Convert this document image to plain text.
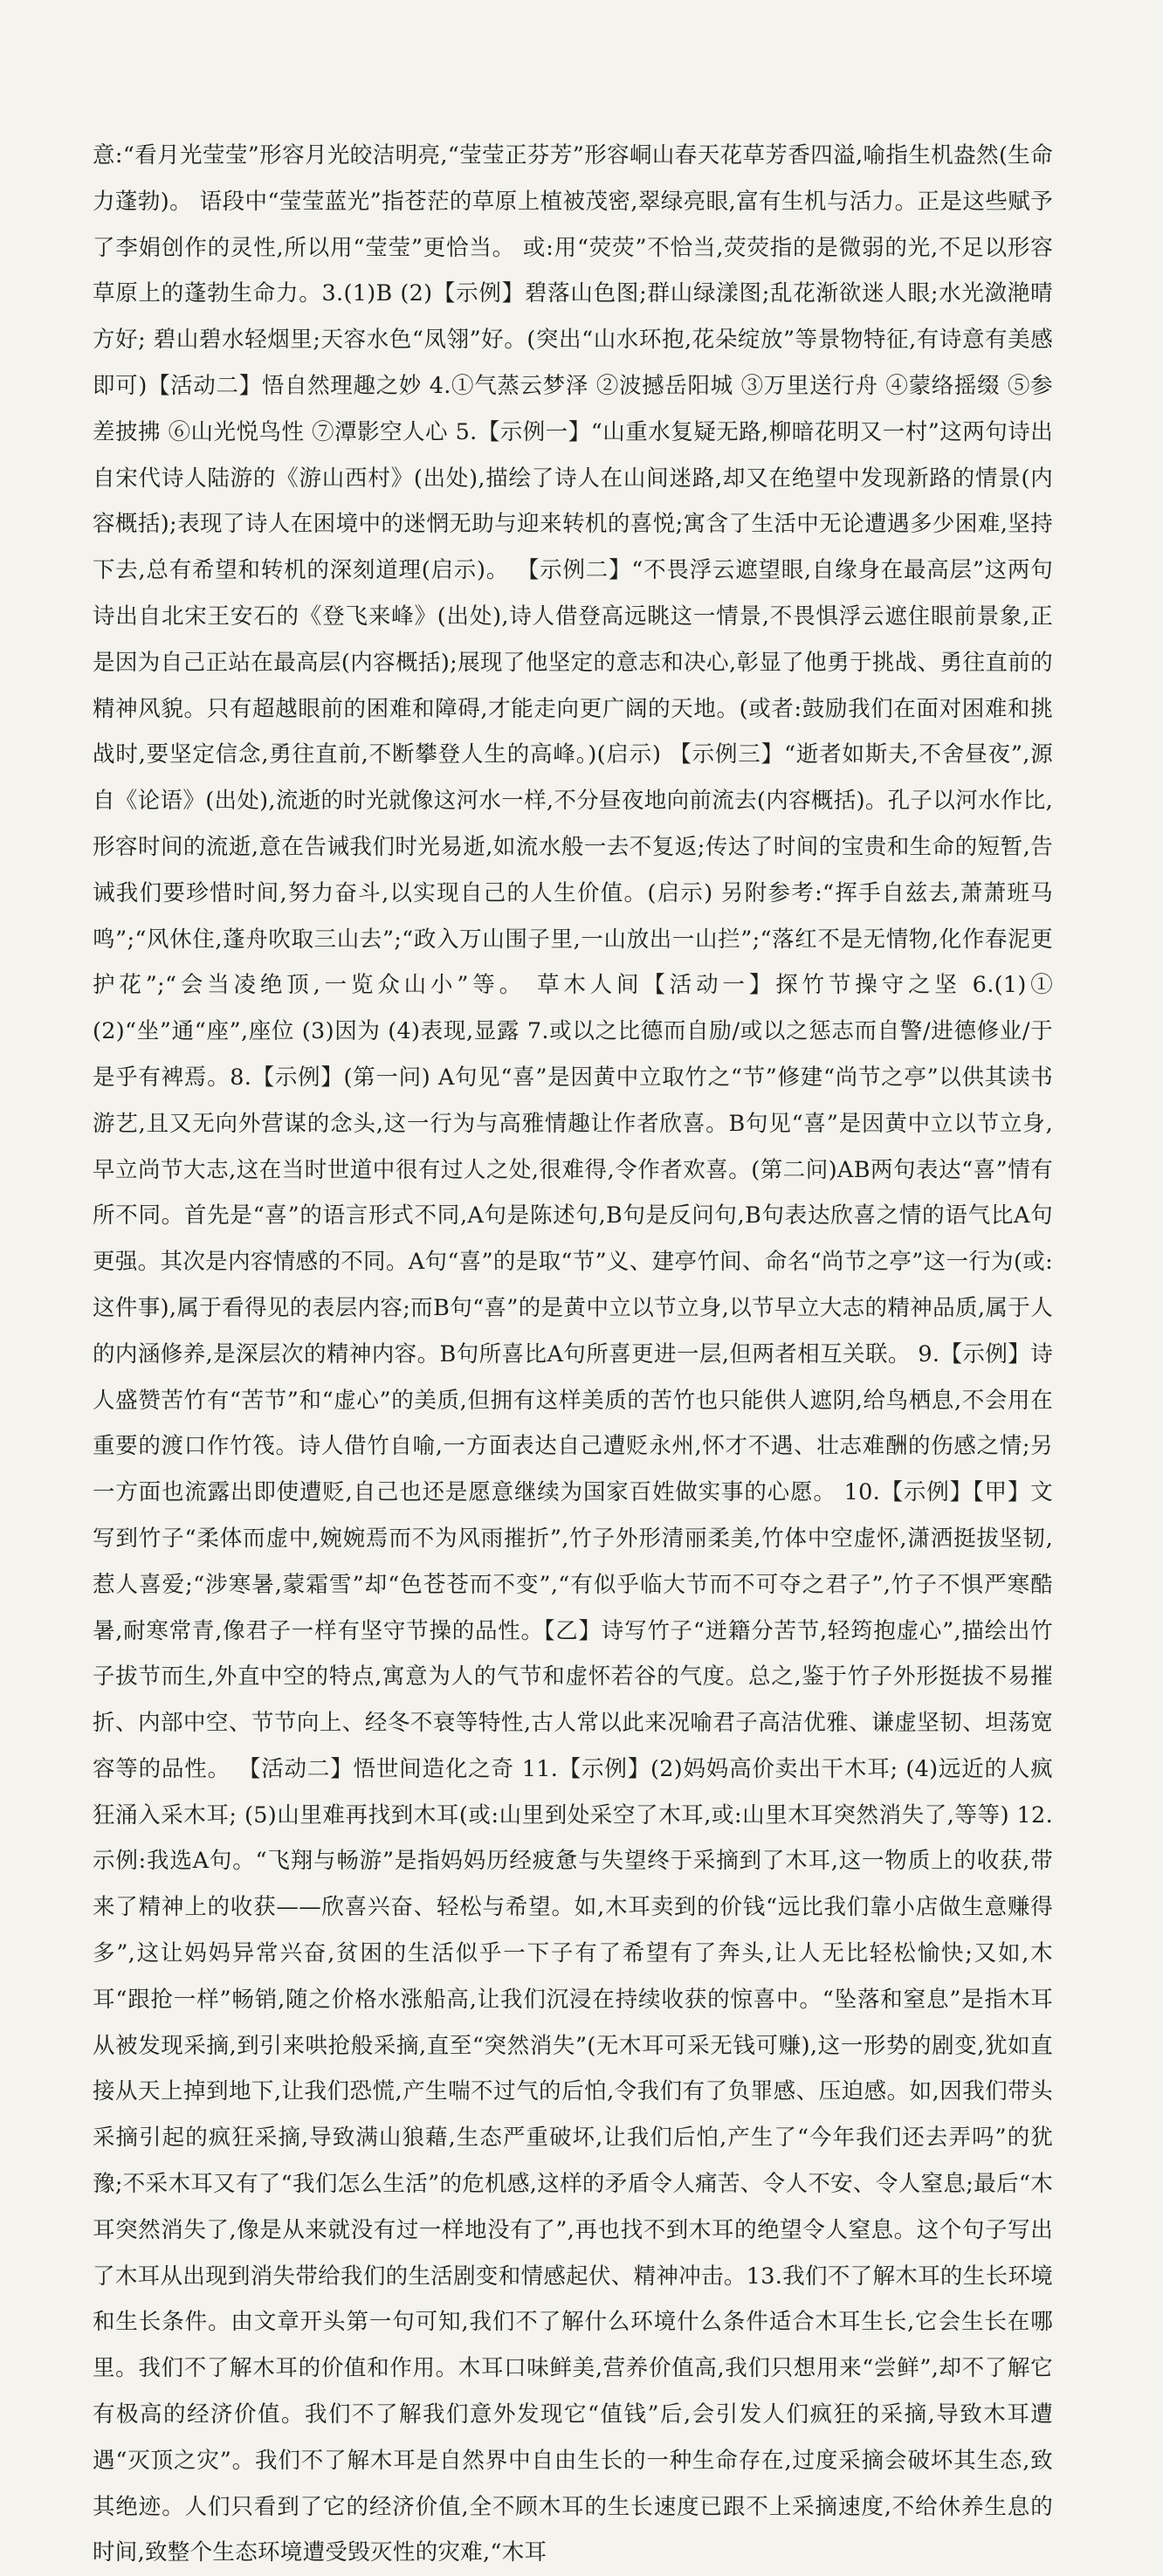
意:“看月光莹莹”形容月光皎洁明亮,“莹莹正芬芳”形容峒山春天花草芳香四溢,喻指生机盎然(生命力蓬勃)。 语段中“莹莹蓝光”指苍茫的草原上植被茂密,翠绿亮眼,富有生机与活力。正是这些赋予了李娟创作的灵性,所以用“莹莹”更恰当。 或:用“荧荧”不恰当,荧荧指的是微弱的光,不足以形容草原上的蓬勃生命力。3.(1)B (2)【示例】碧落山色图;群山绿漾图;乱花渐欲迷人眼;水光潋滟晴方好; 碧山碧水轻烟里;天容水色“凤翎”好。(突出“山水环抱,花朵绽放”等景物特征,有诗意有美感即可)【活动二】悟自然理趣之妙 4.①气蒸云梦泽 ②波撼岳阳城 ③万里送行舟 ④蒙络摇缀 ⑤参差披拂 ⑥山光悦鸟性 ⑦潭影空人心 5.【示例一】“山重水复疑无路,柳暗花明又一村”这两句诗出自宋代诗人陆游的《游山西村》(出处),描绘了诗人在山间迷路,却又在绝望中发现新路的情景(内容概括);表现了诗人在困境中的迷惘无助与迎来转机的喜悦;寓含了生活中无论遭遇多少困难,坚持下去,总有希望和转机的深刻道理(启示)。 【示例二】“不畏浮云遮望眼,自缘身在最高层”这两句诗出自北宋王安石的《登飞来峰》(出处),诗人借登高远眺这一情景,不畏惧浮云遮住眼前景象,正是因为自己正站在最高层(内容概括);展现了他坚定的意志和决心,彰显了他勇于挑战、勇往直前的精神风貌。只有超越眼前的困难和障碍,才能走向更广阔的天地。(或者:鼓励我们在面对困难和挑战时,要坚定信念,勇往直前,不断攀登人生的高峰。)(启示) 【示例三】“逝者如斯夫,不舍昼夜”,源自《论语》(出处),流逝的时光就像这河水一样,不分昼夜地向前流去(内容概括)。孔子以河水作比,形容时间的流逝,意在告诫我们时光易逝,如流水般一去不复返;传达了时间的宝贵和生命的短暂,告诫我们要珍惜时间,努力奋斗,以实现自己的人生价值。(启示) 另附参考:“挥手自兹去,萧萧班马鸣”;“风休住,蓬舟吹取三山去”;“政入万山围子里,一山放出一山拦”;“落红不是无情物,化作春泥更护花”;“会当凌绝顶,一览众山小”等。 草木人间【活动一】探竹节操守之坚 6.(1)① (2)“坐”通“座”,座位 (3)因为 (4)表现,显露 7.或以之比德而自励/或以之惩志而自警/进德修业/于是乎有裨焉。8.【示例】(第一问) A句见“喜”是因黄中立取竹之“节”修建“尚节之亭”以供其读书游艺,且又无向外营谋的念头,这一行为与高雅情趣让作者欣喜。B句见“喜”是因黄中立以节立身,早立尚节大志,这在当时世道中很有过人之处,很难得,令作者欢喜。(第二问)AB两句表达“喜”情有所不同。首先是“喜”的语言形式不同,A句是陈述句,B句是反问句,B句表达欣喜之情的语气比A句更强。其次是内容情感的不同。A句“喜”的是取“节”义、建亭竹间、命名“尚节之亭”这一行为(或:这件事),属于看得见的表层内容;而B句“喜”的是黄中立以节立身,以节早立大志的精神品质,属于人的内涵修养,是深层次的精神内容。B句所喜比A句所喜更进一层,但两者相互关联。 9.【示例】诗人盛赞苦竹有“苦节”和“虚心”的美质,但拥有这样美质的苦竹也只能供人遮阴,给鸟栖息,不会用在重要的渡口作竹筏。诗人借竹自喻,一方面表达自己遭贬永州,怀才不遇、壮志难酬的伤感之情;另一方面也流露出即使遭贬,自己也还是愿意继续为国家百姓做实事的心愿。 10.【示例】【甲】文写到竹子“柔体而虚中,婉婉焉而不为风雨摧折”,竹子外形清丽柔美,竹体中空虚怀,潇洒挺拔坚韧,惹人喜爱;“涉寒暑,蒙霜雪”却“色苍苍而不变”,“有似乎临大节而不可夺之君子”,竹子不惧严寒酷暑,耐寒常青,像君子一样有坚守节操的品性。【乙】诗写竹子“迸籍分苦节,轻筠抱虚心”,描绘出竹子拔节而生,外直中空的特点,寓意为人的气节和虚怀若谷的气度。总之,鉴于竹子外形挺拔不易摧折、内部中空、节节向上、经冬不衰等特性,古人常以此来况喻君子高洁优雅、谦虚坚韧、坦荡宽容等的品性。 【活动二】悟世间造化之奇 11.【示例】(2)妈妈高价卖出干木耳; (4)远近的人疯狂涌入采木耳; (5)山里难再找到木耳(或:山里到处采空了木耳,或:山里木耳突然消失了,等等) 12.示例:我选A句。“飞翔与畅游”是指妈妈历经疲惫与失望终于采摘到了木耳,这一物质上的收获,带来了精神上的收获——欣喜兴奋、轻松与希望。如,木耳卖到的价钱“远比我们靠小店做生意赚得多”,这让妈妈异常兴奋,贫困的生活似乎一下子有了希望有了奔头,让人无比轻松愉快;又如,木耳“跟抢一样”畅销,随之价格水涨船高,让我们沉浸在持续收获的惊喜中。“坠落和窒息”是指木耳从被发现采摘,到引来哄抢般采摘,直至“突然消失”(无木耳可采无钱可赚),这一形势的剧变,犹如直接从天上掉到地下,让我们恐慌,产生喘不过气的后怕,令我们有了负罪感、压迫感。如,因我们带头采摘引起的疯狂采摘,导致满山狼藉,生态严重破坏,让我们后怕,产生了“今年我们还去弄吗”的犹豫;不采木耳又有了“我们怎么生活”的危机感,这样的矛盾令人痛苦、令人不安、令人窒息;最后“木耳突然消失了,像是从来就没有过一样地没有了”,再也找不到木耳的绝望令人窒息。这个句子写出了木耳从出现到消失带给我们的生活剧变和情感起伏、精神冲击。13.我们不了解木耳的生长环境和生长条件。由文章开头第一句可知,我们不了解什么环境什么条件适合木耳生长,它会生长在哪里。我们不了解木耳的价值和作用。木耳口味鲜美,营养价值高,我们只想用来“尝鲜”,却不了解它有极高的经济价值。我们不了解我们意外发现它“值钱”后,会引发人们疯狂的采摘,导致木耳遭遇“灭顶之灾”。我们不了解木耳是自然界中自由生长的一种生命存在,过度采摘会破坏其生态,致其绝迹。人们只看到了它的经济价值,全不顾木耳的生长速度已跟不上采摘速度,不给休养生息的时间,致整个生态环境遭受毁灭性的灾难,“木耳
